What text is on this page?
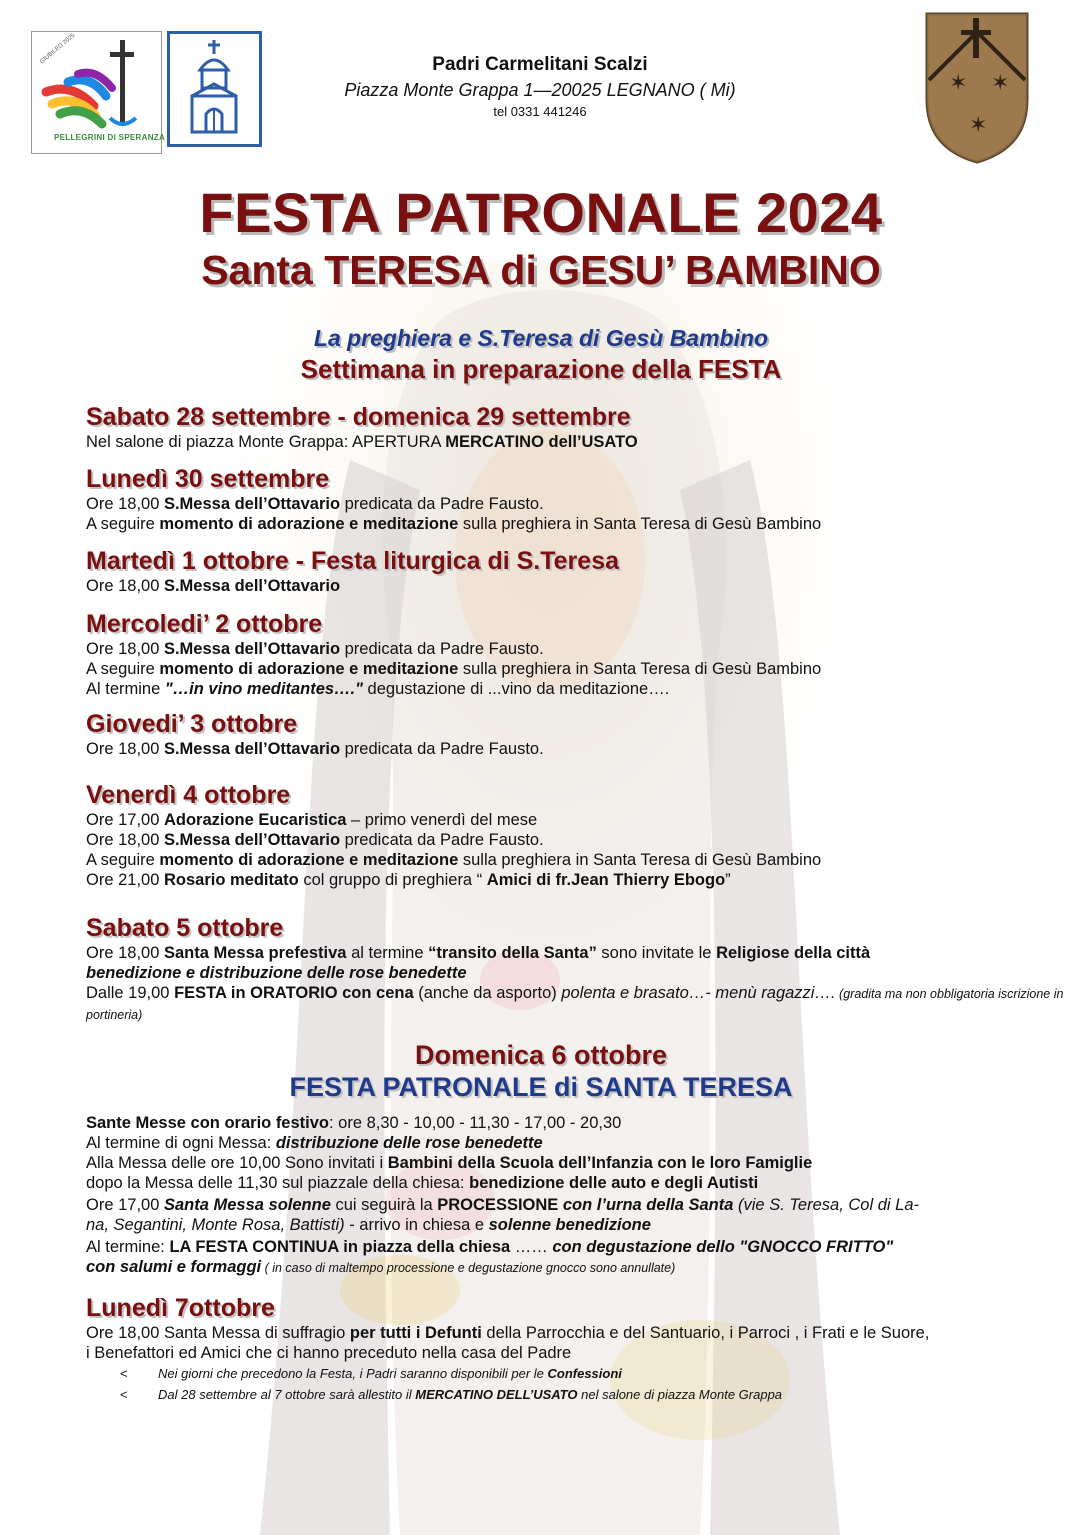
GIUBILEO 2025
PELLEGRINI DI SPERANZA
✶ ✶
✶
Padri Carmelitani Scalzi
Piazza Monte Grappa 1—20025 LEGNANO ( Mi)
tel 0331 441246
FESTA PATRONALE 2024
Santa TERESA di GESU’ BAMBINO
La preghiera e S.Teresa di Gesù Bambino
Settimana in preparazione della FESTA
Sabato 28 settembre - domenica 29 settembre
Nel salone di piazza Monte Grappa: APERTURA MERCATINO dell’USATO
Lunedì 30 settembre
Ore 18,00 S.Messa dell’Ottavario predicata da Padre Fausto.
A seguire momento di adorazione e meditazione sulla preghiera in Santa Teresa di Gesù Bambino
Martedì 1 ottobre - Festa liturgica di S.Teresa
Ore 18,00 S.Messa dell’Ottavario
Mercoledi’ 2 ottobre
Ore 18,00 S.Messa dell’Ottavario predicata da Padre Fausto.
A seguire momento di adorazione e meditazione sulla preghiera in Santa Teresa di Gesù Bambino
Al termine "…in vino meditantes…." degustazione di ...vino da meditazione….
Giovedi’ 3 ottobre
Ore 18,00 S.Messa dell’Ottavario predicata da Padre Fausto.
Venerdì 4 ottobre
Ore 17,00 Adorazione Eucaristica – primo venerdì del mese
Ore 18,00 S.Messa dell’Ottavario predicata da Padre Fausto.
A seguire momento di adorazione e meditazione sulla preghiera in Santa Teresa di Gesù Bambino
Ore 21,00 Rosario meditato col gruppo di preghiera “ Amici di fr.Jean Thierry Ebogo”
Sabato 5 ottobre
Ore 18,00 Santa Messa prefestiva al termine “transito della Santa” sono invitate le Religiose della città
benedizione e distribuzione delle rose benedette
Dalle 19,00 FESTA in ORATORIO con cena (anche da asporto) polenta e brasato…- menù ragazzi…. (gradita ma non obbligatoria iscrizione in portineria)
Domenica 6 ottobre
FESTA PATRONALE di SANTA TERESA
Sante Messe con orario festivo: ore 8,30 - 10,00 - 11,30 - 17,00 - 20,30
Al termine di ogni Messa: distribuzione delle rose benedette
Alla Messa delle ore 10,00 Sono invitati i Bambini della Scuola dell’Infanzia con le loro Famiglie
dopo la Messa delle 11,30 sul piazzale della chiesa: benedizione delle auto e degli Autisti
Ore 17,00 Santa Messa solenne cui seguirà la PROCESSIONE con l’urna della Santa (vie S. Teresa, Col di La-
na, Segantini, Monte Rosa, Battisti) - arrivo in chiesa e solenne benedizione
Al termine: LA FESTA CONTINUA in piazza della chiesa …… con degustazione dello "GNOCCO FRITTO"
con salumi e formaggi ( in caso di maltempo processione e degustazione gnocco sono annullate)
Lunedì 7ottobre
Ore 18,00 Santa Messa di suffragio per tutti i Defunti della Parrocchia e del Santuario, i Parroci , i Frati e le Suore,
i Benefattori ed Amici che ci hanno preceduto nella casa del Padre
< Nei giorni che precedono la Festa, i Padri saranno disponibili per le Confessioni
< Dal 28 settembre al 7 ottobre sarà allestito il MERCATINO DELL’USATO nel salone di piazza Monte Grappa
